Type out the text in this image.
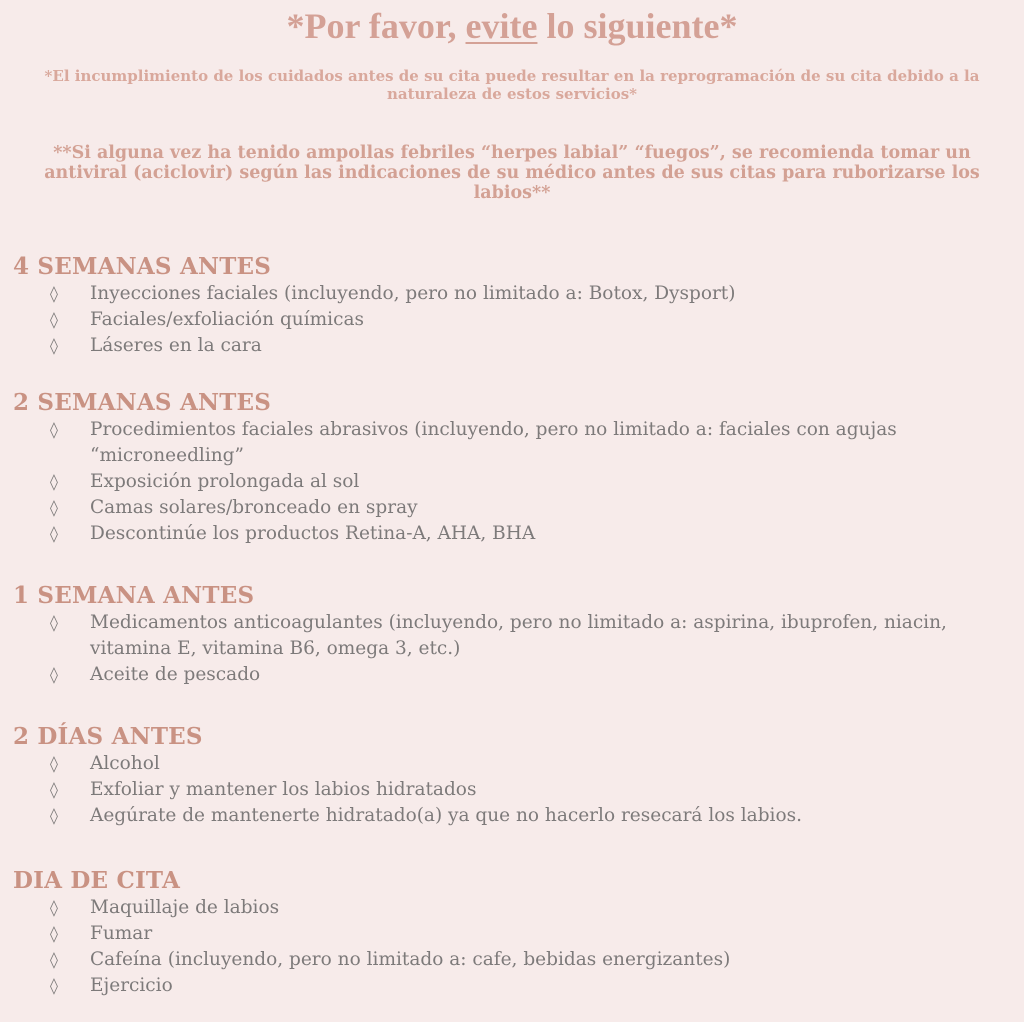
*Por favor, evite lo siguiente*

*El incumplimiento de los cuidados antes de su cita puede resultar en la reprogramación de su cita debido a la naturaleza de estos servicios*

**Si alguna vez ha tenido ampollas febriles “herpes labial” “fuegos”, se recomienda tomar un antiviral (aciclovir) según las indicaciones de su médico antes de sus citas para ruborizarse los labios**

4 SEMANAS ANTES
◊ Inyecciones faciales (incluyendo, pero no limitado a: Botox, Dysport)
◊ Faciales/exfoliación químicas
◊ Láseres en la cara
2 SEMANAS ANTES
◊ Procedimientos faciales abrasivos (incluyendo, pero no limitado a: faciales con agujas “microneedling”
◊ Exposición prolongada al sol
◊ Camas solares/bronceado en spray
◊ Descontinúe los productos Retina-A, AHA, BHA
1 SEMANA ANTES
◊ Medicamentos anticoagulantes (incluyendo, pero no limitado a: aspirina, ibuprofen, niacin, vitamina E, vitamina B6, omega 3, etc.)
◊ Aceite de pescado
2 DÍAS ANTES
◊ Alcohol
◊ Exfoliar y mantener los labios hidratados
◊ Aegúrate de mantenerte hidratado(a) ya que no hacerlo resecará los labios.
DIA DE CITA
◊ Maquillaje de labios
◊ Fumar
◊ Cafeína (incluyendo, pero no limitado a: cafe, bebidas energizantes)
◊ Ejercicio
